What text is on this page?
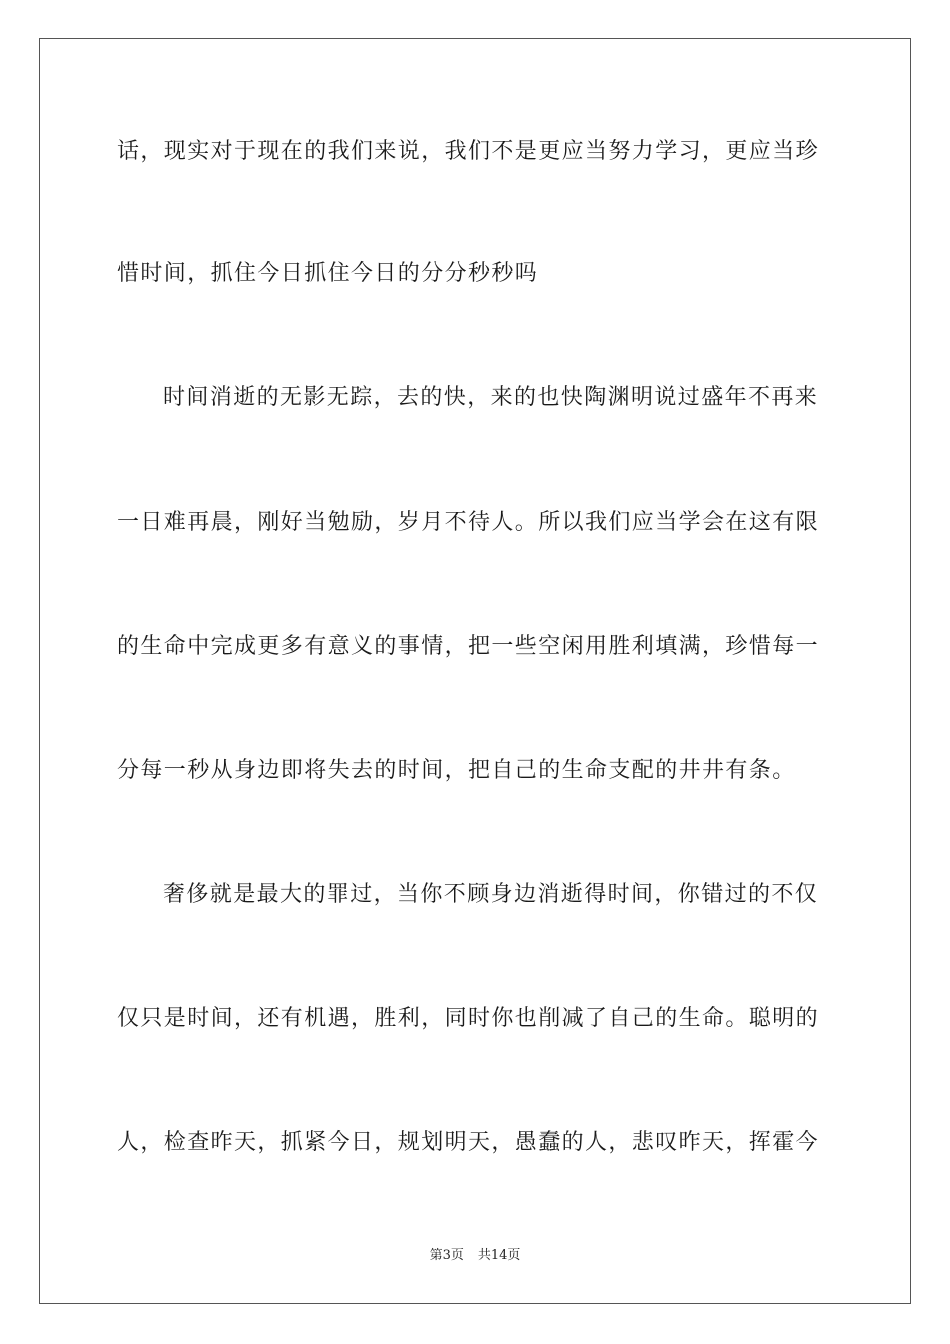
话，现实对于现在的我们来说，我们不是更应当努力学习，更应当珍
惜时间，抓住今日抓住今日的分分秒秒吗
时间消逝的无影无踪，去的快，来的也快陶渊明说过盛年不再来
一日难再晨，刚好当勉励，岁月不待人。所以我们应当学会在这有限
的生命中完成更多有意义的事情，把一些空闲用胜利填满，珍惜每一
分每一秒从身边即将失去的时间，把自己的生命支配的井井有条。
奢侈就是最大的罪过，当你不顾身边消逝得时间，你错过的不仅
仅只是时间，还有机遇，胜利，同时你也削减了自己的生命。聪明的
人，检查昨天，抓紧今日，规划明天，愚蠢的人，悲叹昨天，挥霍今
第3页 共14页
